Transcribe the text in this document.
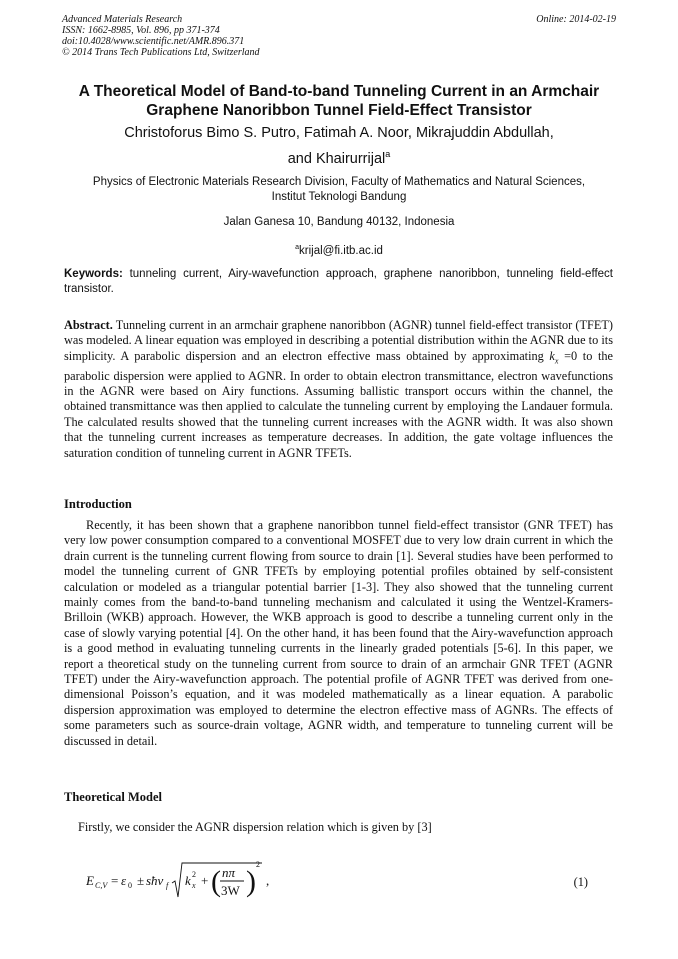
Advanced Materials Research
ISSN: 1662-8985, Vol. 896, pp 371-374
doi:10.4028/www.scientific.net/AMR.896.371
© 2014 Trans Tech Publications Ltd, Switzerland
Online: 2014-02-19
A Theoretical Model of Band-to-band Tunneling Current in an Armchair
Graphene Nanoribbon Tunnel Field-Effect Transistor
Christoforus Bimo S. Putro, Fatimah A. Noor, Mikrajuddin Abdullah,
and Khairurrijal$^a$

Physics of Electronic Materials Research Division, Faculty of Mathematics and Natural Sciences,

Institut Teknologi Bandung

Jalan Ganesa 10, Bandung 40132, Indonesia

$^a$krijal@fi.itb.ac.id

Keywords: tunneling current, Airy-wavefunction approach, graphene nanoribbon, tunneling field-effect transistor.
Abstract. Tunneling current in an armchair graphene nanoribbon (AGNR) tunnel field-effect transistor (TFET) was modeled. A linear equation was employed in describing a potential distribution within the AGNR due to its simplicity. A parabolic dispersion and an electron effective mass obtained by approximating $k_x =0$ to the parabolic dispersion were applied to AGNR. In order to obtain electron transmittance, electron wavefunctions in the AGNR were based on Airy functions. Assuming ballistic transport occurs within the channel, the obtained transmittance was then applied to calculate the tunneling current by employing the Landauer formula. The calculated results showed that the tunneling current increases with the AGNR width. It was also shown that the tunneling current increases as temperature decreases. In addition, the gate voltage influences the saturation condition of tunneling current in AGNR TFETs.
Introduction
Recently, it has been shown that a graphene nanoribbon tunnel field-effect transistor (GNR TFET) has very low power consumption compared to a conventional MOSFET due to very low drain current in which the drain current is the tunneling current flowing from source to drain [1]. Several studies have been performed to model the tunneling current of GNR TFETs by employing potential profiles obtained by self-consistent calculation or modeled as a triangular potential barrier [1-3]. They also showed that the tunneling current mainly comes from the band-to-band tunneling mechanism and calculated it using the Wentzel-Kramers-Brilloin (WKB) approach. However, the WKB approach is good to describe a tunneling current only in the case of slowly varying potential [4]. On the other hand, it has been found that the Airy-wavefunction approach is a good method in evaluating tunneling currents in the linearly graded potentials [5-6]. In this paper, we report a theoretical study on the tunneling current from source to drain of an armchair GNR TFET (AGNR TFET) under the Airy-wavefunction approach. The potential profile of AGNR TFET was derived from one-dimensional Poisson’s equation, and it was modeled mathematically as a linear equation. A parabolic dispersion approximation was employed to determine the electron effective mass of AGNRs. The effects of some parameters such as source-drain voltage, AGNR width, and temperature to tunneling current will be discussed in detail.
Theoretical Model
Firstly, we consider the AGNR dispersion relation which is given by [3]
E C,V = ε 0 ± sħv f k x
2 + ( nπ
3W )
2
,	(1)
